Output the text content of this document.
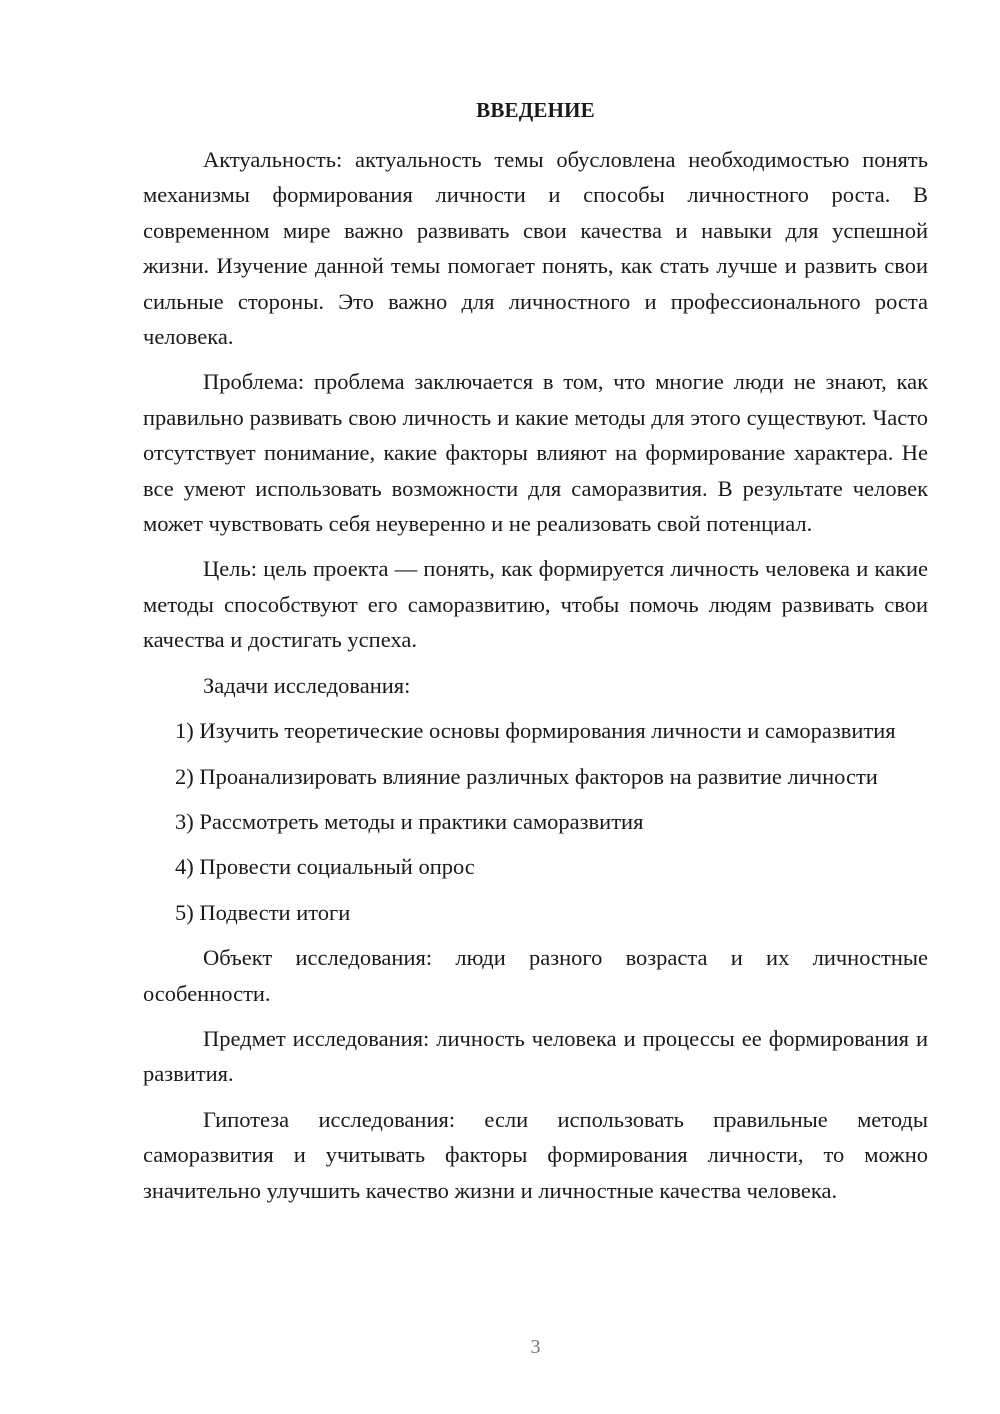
ВВЕДЕНИЕ

Актуальность: актуальность темы обусловлена необходимостью понять механизмы формирования личности и способы личностного роста. В современном мире важно развивать свои качества и навыки для успешной жизни. Изучение данной темы помогает понять, как стать лучше и развить свои сильные стороны. Это важно для личностного и профессионального роста человека.

Проблема: проблема заключается в том, что многие люди не знают, как правильно развивать свою личность и какие методы для этого существуют. Часто отсутствует понимание, какие факторы влияют на формирование характера. Не все умеют использовать возможности для саморазвития. В результате человек может чувствовать себя неуверенно и не реализовать свой потенциал.

Цель: цель проекта — понять, как формируется личность человека и какие методы способствуют его саморазвитию, чтобы помочь людям развивать свои качества и достигать успеха.

Задачи исследования:

1) Изучить теоретические основы формирования личности и саморазвития

2) Проанализировать влияние различных факторов на развитие личности

3) Рассмотреть методы и практики саморазвития

4) Провести социальный опрос

5) Подвести итоги

Объект исследования: люди разного возраста и их личностные особенности.

Предмет исследования: личность человека и процессы ее формирования и развития.

Гипотеза исследования: если использовать правильные методы саморазвития и учитывать факторы формирования личности, то можно значительно улучшить качество жизни и личностные качества человека.

3
